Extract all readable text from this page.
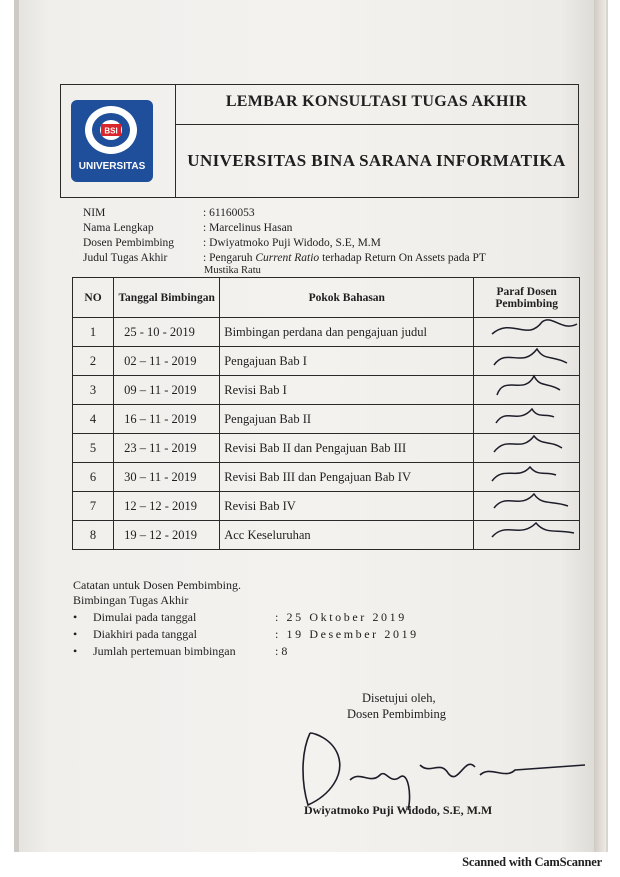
BSI
UNIVERSITAS
LEMBAR KONSULTASI TUGAS AKHIR
UNIVERSITAS BINA SARANA INFORMATIKA
NIM	: 61160053
Nama Lengkap	: Marcelinus Hasan
Dosen Pembimbing	: Dwiyatmoko Puji Widodo, S.E, M.M
Judul Tugas Akhir	: Pengaruh Current Ratio terhadap Return On Assets pada PT
Mustika Ratu
NO	Tanggal Bimbingan	Pokok Bahasan	Paraf Dosen Pembimbing
1	25 - 10 - 2019	Bimbingan perdana dan pengajuan judul	

2	02 – 11 - 2019	Pengajuan Bab I	

3	09 – 11 - 2019	Revisi Bab I	

4	16 – 11 - 2019	Pengajuan Bab II	

5	23 – 11 - 2019	Revisi Bab II dan Pengajuan Bab III	

6	30 – 11 - 2019	Revisi Bab III dan Pengajuan Bab IV	

7	12 – 12 - 2019	Revisi Bab IV	

8	19 – 12 - 2019	Acc Keseluruhan	
Catatan untuk Dosen Pembimbing.
Bimbingan Tugas Akhir
• Dimulai pada tanggal	: 25 Oktober 2019
• Diakhiri pada tanggal	: 19 Desember 2019
• Jumlah pertemuan bimbingan	: 8
Disetujui oleh,
Dosen Pembimbing
Dwiyatmoko Puji Widodo, S.E, M.M
Scanned with CamScanner
